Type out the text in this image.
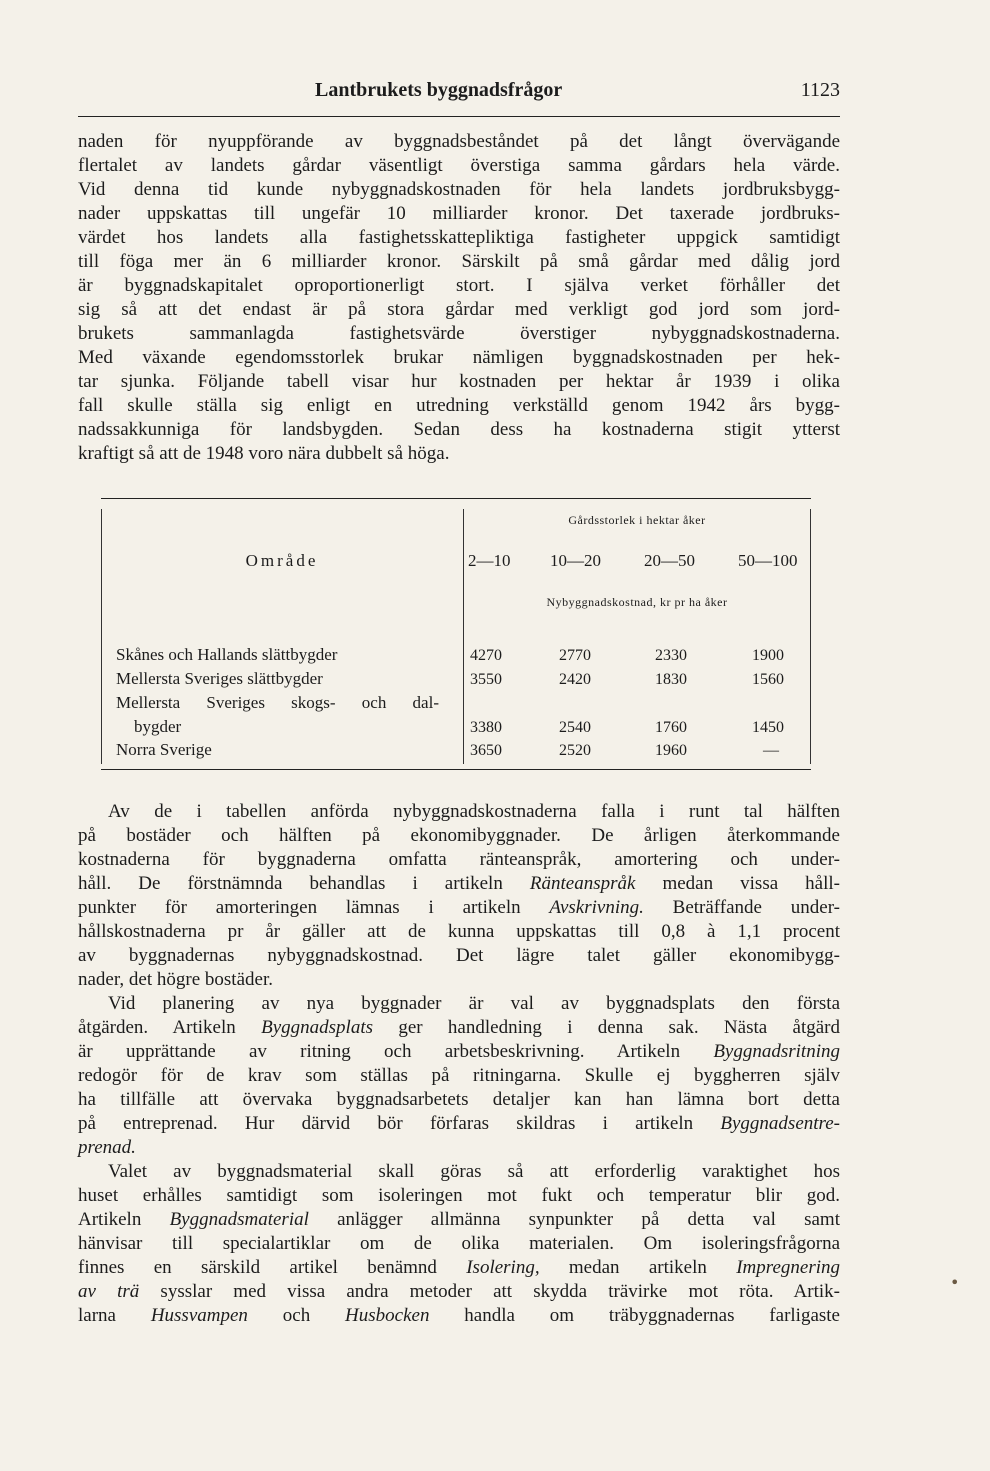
Lantbrukets byggnadsfrågor	1123
naden för nyuppförande av byggnadsbeståndet på det långt övervägande
flertalet av landets gårdar väsentligt överstiga samma gårdars hela värde.
Vid denna tid kunde nybyggnadskostnaden för hela landets jordbruksbygg-
nader uppskattas till ungefär 10 milliarder kronor. Det taxerade jordbruks-
värdet hos landets alla fastighetsskattepliktiga fastigheter uppgick samtidigt
till föga mer än 6 milliarder kronor. Särskilt på små gårdar med dålig jord
är byggnadskapitalet oproportionerligt stort. I själva verket förhåller det
sig så att det endast är på stora gårdar med verkligt god jord som jord-
brukets sammanlagda fastighetsvärde överstiger nybyggnadskostnaderna.
Med växande egendomsstorlek brukar nämligen byggnadskostnaden per hek-
tar sjunka. Följande tabell visar hur kostnaden per hektar år 1939 i olika
fall skulle ställa sig enligt en utredning verkställd genom 1942 års bygg-
nadssakkunniga för landsbygden. Sedan dess ha kostnaderna stigit ytterst
kraftigt så att de 1948 voro nära dubbelt så höga.
Område
Gårdsstorlek i hektar åker
2—10 10—20	20—50	50—100
Nybyggnadskostnad, kr pr ha åker
Skånes och Hallands slättbygder	4270	2770	2330	1900
Mellersta Sveriges slättbygder	3550	2420	1830	1560
Mellersta Sveriges skogs- och dal-
bygder	3380	2540	1760	1450
Norra Sverige	3650	2520	1960	—
Av de i tabellen anförda nybyggnadskostnaderna falla i runt tal hälften
på bostäder och hälften på ekonomibyggnader. De årligen återkommande
kostnaderna för byggnaderna omfatta ränteanspråk, amortering och under-
håll. De förstnämnda behandlas i artikeln Ränteanspråk medan vissa håll-
punkter för amorteringen lämnas i artikeln Avskrivning. Beträffande under-
hållskostnaderna pr år gäller att de kunna uppskattas till 0,8 à 1,1 procent
av byggnadernas nybyggnadskostnad. Det lägre talet gäller ekonomibygg-
nader, det högre bostäder.
Vid planering av nya byggnader är val av byggnadsplats den första
åtgärden. Artikeln Byggnadsplats ger handledning i denna sak. Nästa åtgärd
är upprättande av ritning och arbetsbeskrivning. Artikeln Byggnadsritning
redogör för de krav som ställas på ritningarna. Skulle ej byggherren själv
ha tillfälle att övervaka byggnadsarbetets detaljer kan han lämna bort detta
på entreprenad. Hur därvid bör förfaras skildras i artikeln Byggnadsentre-
prenad.
Valet av byggnadsmaterial skall göras så att erforderlig varaktighet hos
huset erhålles samtidigt som isoleringen mot fukt och temperatur blir god.
Artikeln Byggnadsmaterial anlägger allmänna synpunkter på detta val samt
hänvisar till specialartiklar om de olika materialen. Om isoleringsfrågorna
finnes en särskild artikel benämnd Isolering, medan artikeln Impregnering
av trä sysslar med vissa andra metoder att skydda trävirke mot röta. Artik-
larna Hussvampen och Husbocken handla om träbyggnadernas farligaste
•
